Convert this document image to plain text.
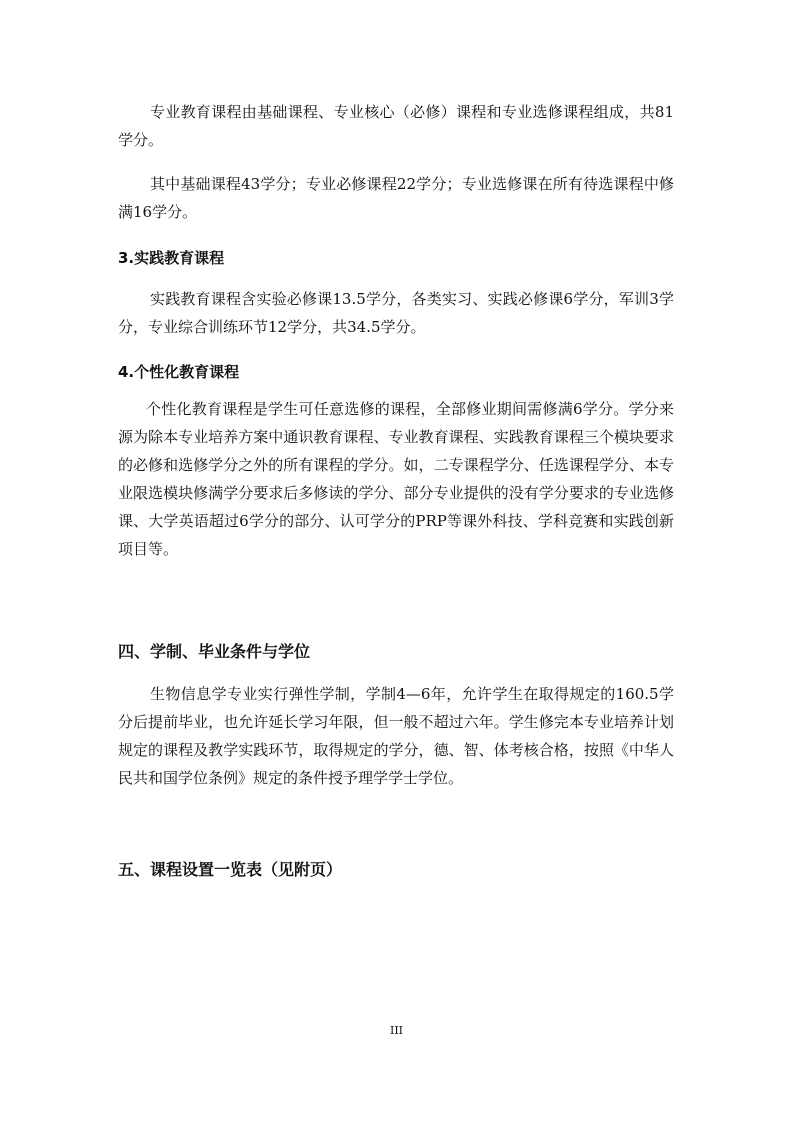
专业教育课程由基础课程、专业核心（必修）课程和专业选修课程组成，共81学分。

其中基础课程43学分；专业必修课程22学分；专业选修课在所有待选课程中修满16学分。

3.实践教育课程

实践教育课程含实验必修课13.5学分，各类实习、实践必修课6学分，军训3学分，专业综合训练环节12学分，共34.5学分。

4.个性化教育课程

个性化教育课程是学生可任意选修的课程，全部修业期间需修满6学分。学分来源为除本专业培养方案中通识教育课程、专业教育课程、实践教育课程三个模块要求的必修和选修学分之外的所有课程的学分。如，二专课程学分、任选课程学分、本专业限选模块修满学分要求后多修读的学分、部分专业提供的没有学分要求的专业选修课、大学英语超过6学分的部分、认可学分的PRP等课外科技、学科竞赛和实践创新项目等。

四、学制、毕业条件与学位

生物信息学专业实行弹性学制，学制4—6年，允许学生在取得规定的160.5学分后提前毕业，也允许延长学习年限，但一般不超过六年。学生修完本专业培养计划规定的课程及教学实践环节，取得规定的学分，德、智、体考核合格，按照《中华人民共和国学位条例》规定的条件授予理学学士学位。

五、课程设置一览表（见附页）
III
